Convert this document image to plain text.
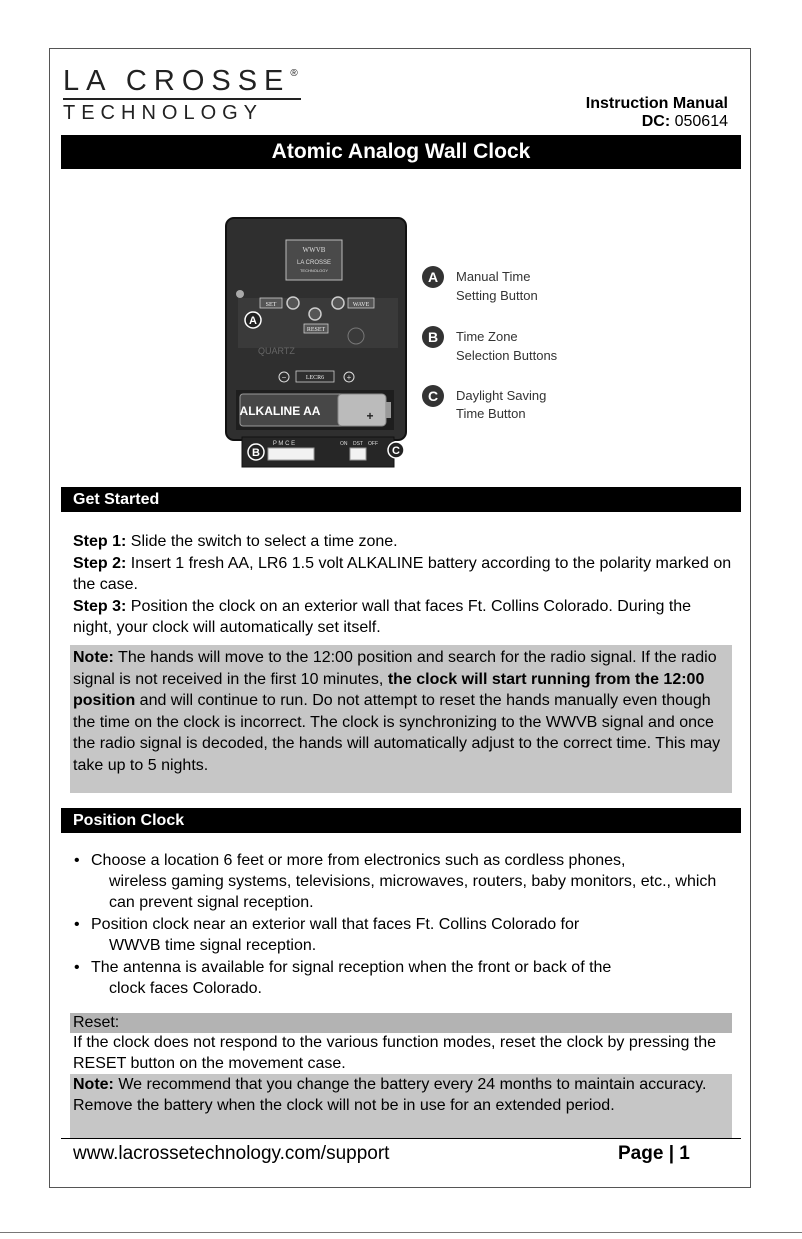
LA CROSSE®
TECHNOLOGY	Instruction Manual
DC: 050614
Atomic Analog Wall Clock
WWVB
LA CROSSE
TECHNOLOGY
SET	WAVE
RESET
QUARTZ
−	LECR6	+
ALKALINE AA	+
P M C E	ON DST OFF
A
B	C
A Manual Time
Setting Button
B Time Zone
Selection Buttons
C Daylight Saving
Time Button
Get Started
Step 1: Slide the switch to select a time zone.
Step 2: Insert 1 fresh AA, LR6 1.5 volt ALKALINE battery according to the polarity marked on the case.
Step 3: Position the clock on an exterior wall that faces Ft. Collins Colorado. During the night, your clock will automatically set itself.
Note: The hands will move to the 12:00 position and search for the radio signal. If the radio signal is not received in the first 10 minutes, the clock will start running from the 12:00 position and will continue to run. Do not attempt to reset the hands manually even though the time on the clock is incorrect. The clock is synchronizing to the WWVB signal and once the radio signal is decoded, the hands will automatically adjust to the correct time. This may take up to 5 nights.
Position Clock
• Choose a location 6 feet or more from electronics such as cordless phones,
wireless gaming systems, televisions, microwaves, routers, baby monitors, etc., which can prevent signal reception.
• Position clock near an exterior wall that faces Ft. Collins Colorado for
WWVB time signal reception.
• The antenna is available for signal reception when the front or back of the
clock faces Colorado.
Reset:
If the clock does not respond to the various function modes, reset the clock by pressing the RESET button on the movement case.
Note: We recommend that you change the battery every 24 months to maintain accuracy. Remove the battery when the clock will not be in use for an extended period.
www.lacrossetechnology.com/support	Page | 1
